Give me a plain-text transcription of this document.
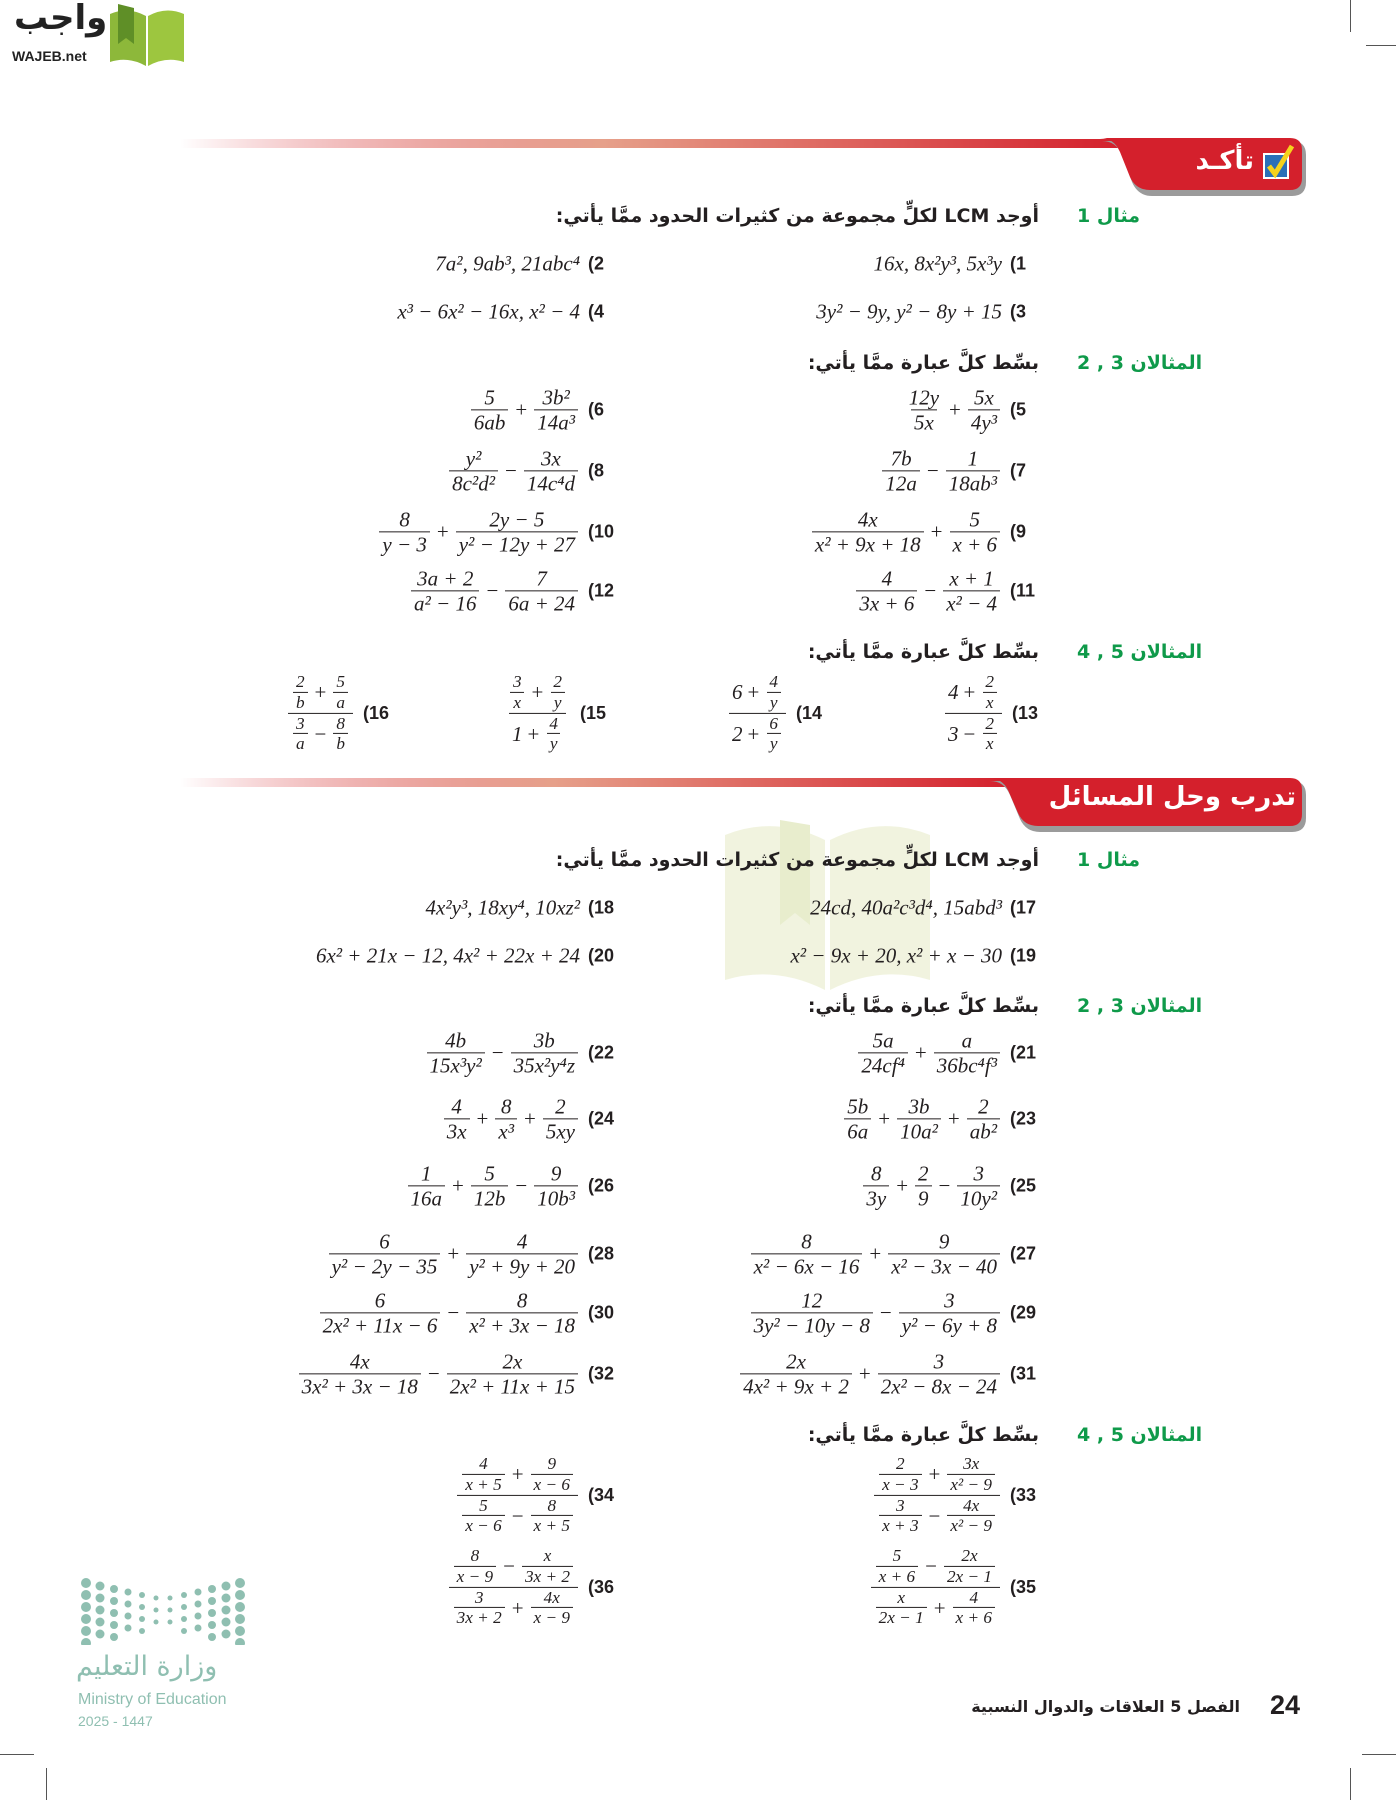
واجب
WAJEB.net
تأكـد
تدرب وحل المسائل
مثال 1
أوجد LCM لكلٍّ مجموعة من كثيرات الحدود ممَّا يأتي:
16x, 8x²y³, 5x³y (1
7a², 9ab³, 21abc⁴ (2
3y² − 9y, y² − 8y + 15 (3
x³ − 6x² − 16x, x² − 4 (4
المثالان 3 , 2
بسِّط كلَّ عبارة ممَّا يأتي:
$\frac{12y}{5x} + \frac{5x}{\text{4y³}} (5$
$\frac{5}{6ab} + \frac{\text{3b²}}{\text{14a³}} (6$
$\frac{7b}{12a} - \frac{1}{\text{18ab³}} (7$
$\frac{\text{y²}}{\text{8c²d²}} - \frac{3x}{\text{14c⁴d}} (8$
$\frac{4x}{\text{x² + 9x + 18}} + \frac{5}{x + 6} (9$
$\frac{8}{y - 3} + \frac{2y - 5}{\text{y² − 12y + 27}} (10$
$\frac{4}{3x + 6} - \frac{x + 1}{\text{x² − 4}} (11$
$\frac{3a + 2}{\text{a² − 16}} - \frac{7}{6a + 24} (12$
المثالان 5 , 4
بسِّط كلَّ عبارة ممَّا يأتي:
$\frac{4 + \frac{2}{x}}{3 - \frac{2}{x}} (13$
$\frac{6 + \frac{4}{y}}{2 + \frac{6}{y}} (14$
$\frac{\frac{3}{x} + \frac{2}{y}}{1 + \frac{4}{y}} (15$
$\frac{\frac{2}{b} + \frac{5}{a}}{\frac{3}{a} - \frac{8}{b}} (16$
مثال 1
أوجد LCM لكلٍّ مجموعة من كثيرات الحدود ممَّا يأتي:
24cd, 40a²c³d⁴, 15abd³ (17
4x²y³, 18xy⁴, 10xz² (18
x² − 9x + 20, x² + x − 30 (19
6x² + 21x − 12, 4x² + 22x + 24 (20
المثالان 3 , 2
بسِّط كلَّ عبارة ممَّا يأتي:
$\frac{5a}{\text{24cf⁴}} + \frac{a}{\text{36bc⁴f³}} (21$
$\frac{4b}{\text{15x³y²}} - \frac{3b}{\text{35x²y⁴z}} (22$
$\frac{5b}{6a} + \frac{3b}{\text{10a²}} + \frac{2}{\text{ab²}} (23$
$\frac{4}{3x} + \frac{8}{\text{x³}} + \frac{2}{5xy} (24$
$\frac{8}{3y} + \frac{2}{9} - \frac{3}{\text{10y²}} (25$
$\frac{1}{16a} + \frac{5}{12b} - \frac{9}{\text{10b³}} (26$
$\frac{8}{\text{x² − 6x − 16}} + \frac{9}{\text{x² − 3x − 40}} (27$
$\frac{6}{\text{y² − 2y − 35}} + \frac{4}{\text{y² + 9y + 20}} (28$
$\frac{12}{\text{3y² − 10y − 8}} - \frac{3}{\text{y² − 6y + 8}} (29$
$\frac{6}{\text{2x² + 11x − 6}} - \frac{8}{\text{x² + 3x − 18}} (30$
$\frac{2x}{\text{4x² + 9x + 2}} + \frac{3}{\text{2x² − 8x − 24}} (31$
$\frac{4x}{\text{3x² + 3x − 18}} - \frac{2x}{\text{2x² + 11x + 15}} (32$
المثالان 5 , 4
بسِّط كلَّ عبارة ممَّا يأتي:
$\frac{\frac{2}{x - 3} + \frac{3x}{\text{x² − 9}}}{\frac{3}{x + 3} - \frac{4x}{\text{x² − 9}}} (33$
$\frac{\frac{4}{x + 5} + \frac{9}{x - 6}}{\frac{5}{x - 6} - \frac{8}{x + 5}} (34$
$\frac{\frac{5}{x + 6} - \frac{2x}{2x - 1}}{\frac{x}{2x - 1} + \frac{4}{x + 6}} (35$
$\frac{\frac{8}{x - 9} - \frac{x}{3x + 2}}{\frac{3}{3x + 2} + \frac{4x}{x - 9}} (36$
وزارة التعليم
Ministry of Education
2025 - 1447
24
الفصل 5 العلاقات والدوال النسبية
